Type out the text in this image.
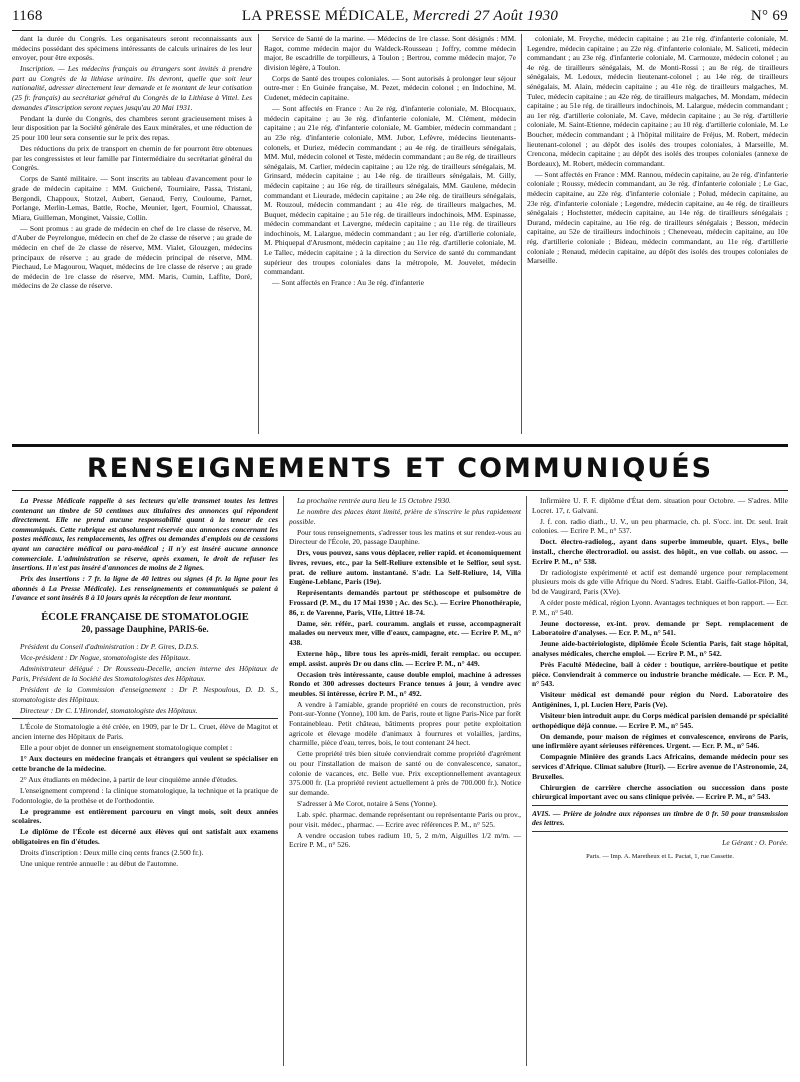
1168	LA PRESSE MÉDICALE, Mercredi 27 Août 1930	N° 69

dant la durée du Congrès. Les organisateurs seront reconnaissants aux médecins possédant des spécimens intéressants de calculs urinaires de les leur envoyer, pour être exposés.

Inscription. — Les médecins français ou étrangers sont invités à prendre part au Congrès de la lithiase urinaire. Ils devront, quelle que soit leur nationalité, adresser directement leur demande et le montant de leur cotisation (25 fr. français) au secrétariat général du Congrès de la Lithiase à Vittel. Les demandes d'inscription seront reçues jusqu'au 20 Mai 1931.

Pendant la durée du Congrès, des chambres seront gracieusement mises à leur disposition par la Société générale des Eaux minérales, et une réduction de 25 pour 100 leur sera consentie sur le prix des repas.

Des réductions du prix de transport en chemin de fer pourront être obtenues par les congressistes et leur famille par l'intermédiaire du secrétariat général du Congrès.

Corps de Santé militaire. — Sont inscrits au tableau d'avancement pour le grade de médecin capitaine : MM. Guichené, Tourniaire, Passa, Tristani, Bergondi, Chappoux, Stotzel, Aubert, Genaud, Ferry, Couloume, Parnet, Porlange, Merlin-Lemas, Battle, Roche, Meunier, Igert, Fourniol, Chaussat, Miara, Guilleman, Monginet, Vaissie, Collin.

— Sont promus : au grade de médecin en chef de 1re classe de réserve, M. d'Auber de Peyrelongue, médecin en chef de 2e classe de réserve ; au grade de médecin en chef de 2e classe de réserve, MM. Vialet, Glouzgen, médecins principaux de réserve ; au grade de médecin principal de réserve, MM. Piechaud, Le Magourou, Waquet, médecins de 1re classe de réserve ; au grade de médecin de 1re classe de réserve, MM. Maris, Cumin, Laffite, Doré, médecins de 2e classe de réserve.

Service de Santé de la marine. — Médecins de 1re classe. Sont désignés : MM. Ragot, comme médecin major du Waldeck-Rousseau ; Joffry, comme médecin major, 8e escadrille de torpilleurs, à Toulon ; Bertrou, comme médecin major, 7e division légère, à Toulon.

Corps de Santé des troupes coloniales. — Sont autorisés à prolonger leur séjour outre-mer : En Guinée française, M. Pezet, médecin colonel ; en Indochine, M. Cudenet, médecin capitaine.

— Sont affectés en France : Au 2e rég. d'infanterie coloniale, M. Blocquaux, médecin capitaine ; au 3e rég. d'infanterie coloniale, M. Clément, médecin capitaine ; au 21e rég. d'infanterie coloniale, M. Gambier, médecin commandant ; au 23e rég. d'infanterie coloniale, MM. Jubor, Lefèvre, médecins lieutenants-colonels, et Duriez, médecin commandant ; au 4e rég. de tirailleurs sénégalais, MM. Mul, médecin colonel et Teste, médecin commandant ; au 8e rég. de tirailleurs sénégalais, M. Carlier, médecin capitaine ; au 12e rég. de tirailleurs sénégalais, M. Grinsard, médecin capitaine ; au 14e rég. de tirailleurs sénégalais, M. Gilly, médecin capitaine ; au 16e rég. de tirailleurs sénégalais, MM. Gaulene, médecin commandant et Lieurade, médecin capitaine ; au 24e rég. de tirailleurs sénégalais, M. Rouzoul, médecin commandant ; au 41e rég. de tirailleurs malgaches, M. Buquet, médecin capitaine ; au 51e rég. de tirailleurs indochinois, MM. Espinasse, médecin commandant et Lavergne, médecin capitaine ; au 11e rég. de tirailleurs indochinois, M. Lalargue, médecin commandant ; au 1er rég. d'artillerie coloniale, M. Phiquepal d'Arusmont, médecin capitaine ; au 11e rég. d'artillerie coloniale, M. Le Tallec, médecin capitaine ; à la direction du Service de santé du commandant supérieur des troupes coloniales dans la métropole, M. Jouvelet, médecin commandant.

— Sont affectés en France : Au 3e rég. d'infanterie

coloniale, M. Freyche, médecin capitaine ; au 21e rég. d'infanterie coloniale, M. Legendre, médecin capitaine ; au 22e rég. d'infanterie coloniale, M. Saliceti, médecin commandant ; au 23e rég. d'infanterie coloniale, M. Carmouze, médecin colonel ; au 4e rég. de tirailleurs sénégalais, M. de Monti-Rossi ; au 8e rég. de tirailleurs sénégalais, M. Ledoux, médecin lieutenant-colonel ; au 14e rég. de tirailleurs sénégalais, M. Alain, médecin capitaine ; au 41e rég. de tirailleurs malgaches, M. Tulec, médecin capitaine ; au 42e rég. de tirailleurs malgaches, M. Mondam, médecin capitaine ; au 51e rég. de tirailleurs indochinois, M. Lalargue, médecin commandant ; au 1er rég. d'artillerie coloniale, M. Cave, médecin capitaine ; au 3e rég. d'artillerie coloniale, M. Saint-Etienne, médecin capitaine ; au 10 rég. d'artillerie coloniale, M. Le Boucher, médecin commandant ; à l'hôpital militaire de Fréjus, M. Robert, médecin lieutenant-colonel ; au dépôt des isolés des troupes coloniales, à Marseille, M. Crenconа, médecin capitaine ; au dépôt des isolés des troupes coloniales (annexe de Bordeaux), M. Robert, médecin commandant.

— Sont affectés en France : MM. Rannou, médecin capitaine, au 2e rég. d'infanterie coloniale ; Roussy, médecin commandant, au 3e rég. d'infanterie coloniale ; Le Gac, médecin capitaine, au 22e rég. d'infanterie coloniale ; Polud, médecin capitaine, au 23e rég. d'infanterie coloniale ; Legendre, médecin capitaine, au 4e rég. de tirailleurs sénégalais ; Hochstetter, médecin capitaine, au 14e rég. de tirailleurs sénégalais ; Durand, médecin capitaine, au 16e rég. de tirailleurs sénégalais ; Besson, médecin capitaine, au 52e de tirailleurs indochinois ; Cheneveau, médecin capitaine, au 10e rég. d'artillerie coloniale ; Bideau, médecin commandant, au 11e rég. d'artillerie coloniale ; Renaud, médecin capitaine, au dépôt des isolés des troupes coloniales de Marseille.

RENSEIGNEMENTS ET COMMUNIQUÉS

La Presse Médicale rappelle à ses lecteurs qu'elle transmet toutes les lettres contenant un timbre de 50 centimes aux titulaires des annonces qui répondent directement. Elle ne prend aucune responsabilité quant à la teneur de ces communiqués. Cette rubrique est absolument réservée aux annonces concernant les postes médicaux, les remplacements, les offres ou demandes d'emplois ou de cessions ayant un caractère médical ou para-médical ; il n'y est inséré aucune annonce commerciale. L'administration se réserve, après examen, le droit de refuser les insertions. Il n'est pas inséré d'annonces de moins de 2 lignes.

Prix des insertions : 7 fr. la ligne de 40 lettres ou signes (4 fr. la ligne pour les abonnés à La Presse Médicale). Les renseignements et communiqués se paient à l'avance et sont insérés 8 à 10 jours après la réception de leur montant.

ÉCOLE FRANÇAISE DE STOMATOLOGIE

20, passage Dauphine, PARIS-6e.

Président du Conseil d'administration : Dr P. Gires, D.D.S.

Vice-président : Dr Nogue, stomatologiste des Hôpitaux.

Administrateur délégué : Dr Rousseau-Decelle, ancien interne des Hôpitaux de Paris, Président de la Société des Stomatologistes des Hôpitaux.

Président de la Commission d'enseignement : Dr P. Nespoulous, D. D. S., stomatologiste des Hôpitaux.

Directeur : Dr C. L'Hirondel, stomatologiste des Hôpitaux.

L'École de Stomatologie a été créée, en 1909, par le Dr L. Cruet, élève de Magitot et ancien interne des Hôpitaux de Paris.

Elle a pour objet de donner un enseignement stomatologique complet :

1° Aux docteurs en médecine français et étrangers qui veulent se spécialiser en cette branche de la médecine.

2° Aux étudiants en médecine, à partir de leur cinquième année d'études.

L'enseignement comprend : la clinique stomatologique, la technique et la pratique de l'odontologie, de la prothèse et de l'orthodontie.

Le programme est entièrement parcouru en vingt mois, soit deux années scolaires.

Le diplôme de l'École est décerné aux élèves qui ont satisfait aux examens obligatoires en fin d'études.

Droits d'inscription : Deux mille cinq cents francs (2.500 fr.).

Une unique rentrée annuelle : au début de l'automne.

La prochaine rentrée aura lieu le 15 Octobre 1930.

Le nombre des places étant limité, prière de s'inscrire le plus rapidement possible.

Pour tous renseignements, s'adresser tous les matins et sur rendez-vous au Directeur de l'École, 20, passage Dauphine.

Drs, vous pouvez, sans vous déplacer, relier rapid. et économiquement livres, revues, etc., par la Self-Reliure extensible et le Selfior, seul syst. prat. de reliure autom. instantané. S'adr. La Self-Reliure, 14, Villa Eugène-Leblanc, Paris (19e).

Représentants demandés partout pr stéthoscope et pulsomètre de Frossard (P. M., du 17 Mai 1930 ; Ac. des Sc.). — Ecrire Phonothérapie, 86, r. de Varenne, Paris, VIIe, Littré 18-74.

Dame, sér. référ., parl. couramm. anglais et russe, accompagnerait malades ou nerveux mer, ville d'eaux, campagne, etc. — Ecrire P. M., n° 438.

Externe hôp., libre tous les après-midi, ferait remplac. ou occuper. empl. assist. auprès Dr ou dans clin. — Ecrire P. M., n° 449.

Occasion très intéressante, cause double emploi, machine à adresses Rondo et 300 adresses docteurs France tenues à jour, à vendre avec meubles. Si intéresse, écrire P. M., n° 492.

A vendre à l'amiable, grande propriété en cours de reconstruction, près Pont-sur-Yonne (Yonne), 100 km. de Paris, route et ligne Paris-Nice par forêt Fontainebleau. Petit château, bâtiments propres pour petite exploitation agricole et élevage modèle d'animaux à fourrures et volailles, jardins, charmille, pièce d'eau, terres, bois, le tout contenant 24 hect.

Cette propriété très bien située conviendrait comme propriété d'agrément ou pour l'installation de maison de santé ou de convalescence, sanator., colonie de vacances, etc. Belle vue. Prix exceptionnellement avantageux 375.000 fr. (La propriété revient actuellement à près de 700.000 fr.). Notice sur demande.

S'adresser à Me Corot, notaire à Sens (Yonne).

Lab. spéc. pharmac. demande représentant ou représentante Paris ou prov., pour visit. médec., pharmac. — Ecrire avec références P. M., n° 525.

A vendre occasion tubes radium 10, 5, 2 m/m, Aiguilles 1/2 m/m. — Ecrire P. M., n° 526.

Infirmière U. F. F. diplôme d'État dem. situation pour Octobre. — S'adres. Mlle Locret. 17, r. Galvani.

J. f. con. radio diath., U. V., un peu pharmacie, ch. pl. S'occ. int. Dr. seul. Irait colonies. — Ecrire P. M., n° 537.

Doct. électro-radiolog., ayant dans superbe immeuble, quart. Elys., belle install., cherche électroradiol. ou assist. des hôpit., en vue collab. ou assoc. — Ecrire P. M., n° 538.

Dr radiologiste expérimenté et actif est demandé urgence pour remplacement plusieurs mois ds gde ville Afrique du Nord. S'adres. Etabl. Gaiffe-Gallot-Pilon, 34, bd de Vaugirard, Paris (XVe).

A céder poste médical, région Lyonn. Avantages techniques et bon rapport. — Ecr. P. M., n° 540.

Jeune doctoresse, ex-int. prov. demande pr Sept. remplacement de Laboratoire d'analyses. — Ecr. P. M., n° 541.

Jeune aide-bactériologiste, diplômée École Scientia Paris, fait stage hôpital, analyses médicales, cherche emploi. — Ecrire P. M., n° 542.

Près Faculté Médecine, bail à céder : boutique, arrière-boutique et petite pièce. Conviendrait à commerce ou industrie branche médicale. — Ecr. P. M., n° 543.

Visiteur médical est demandé pour région du Nord. Laboratoire des Antigénines, 1, pl. Lucien Herr, Paris (Ve).

Visiteur bien introduit aupr. du Corps médical parisien demandé pr spécialité orthopédique déjà connue. — Ecrire P. M., n° 545.

On demande, pour maison de régimes et convalescence, environs de Paris, une infirmière ayant sérieuses références. Urgent. — Ecr. P. M., n° 546.

Compagnie Minière des grands Lacs Africains, demande médecin pour ses services d'Afrique. Climat salubre (Ituri). — Ecrire avenue de l'Astronomie, 24, Bruxelles.

Chirurgien de carrière cherche association ou succession dans poste chirurgical important avec ou sans clinique privée. — Ecrire P. M., n° 543.

AVIS. — Prière de joindre aux réponses un timbre de 0 fr. 50 pour transmission des lettres.

Le Gérant : O. Porée.

Paris. — Imp. A. Maretheux et L. Pactat, 1, rue Cassette.
